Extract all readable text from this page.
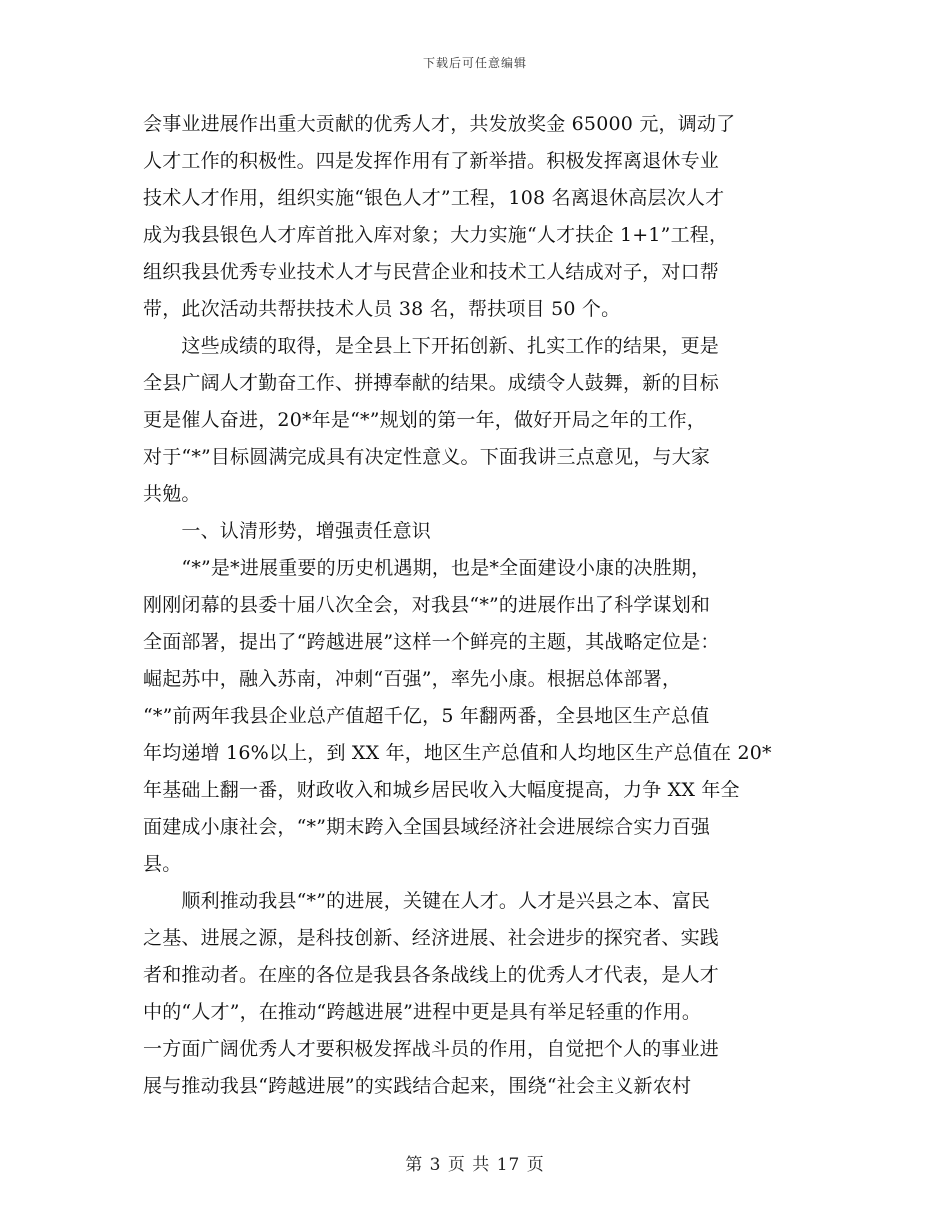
下载后可任意编辑
会事业进展作出重大贡献的优秀人才，共发放奖金 65000 元，调动了
人才工作的积极性。四是发挥作用有了新举措。积极发挥离退休专业
技术人才作用，组织实施“银色人才”工程，108 名离退休高层次人才
成为我县银色人才库首批入库对象；大力实施“人才扶企 1+1”工程，
组织我县优秀专业技术人才与民营企业和技术工人结成对子，对口帮
带，此次活动共帮扶技术人员 38 名，帮扶项目 50 个。
　　这些成绩的取得，是全县上下开拓创新、扎实工作的结果，更是
全县广阔人才勤奋工作、拼搏奉献的结果。成绩令人鼓舞，新的目标
更是催人奋进，20*年是“*”规划的第一年，做好开局之年的工作，
对于“*”目标圆满完成具有决定性意义。下面我讲三点意见，与大家
共勉。
　　一、认清形势，增强责任意识
　　“*”是*进展重要的历史机遇期，也是*全面建设小康的决胜期，
刚刚闭幕的县委十届八次全会，对我县“*”的进展作出了科学谋划和
全面部署，提出了“跨越进展”这样一个鲜亮的主题，其战略定位是：
崛起苏中，融入苏南，冲刺“百强”，率先小康。根据总体部署，
“*”前两年我县企业总产值超千亿，5 年翻两番，全县地区生产总值
年均递增 16%以上，到 XX 年，地区生产总值和人均地区生产总值在 20*
年基础上翻一番，财政收入和城乡居民收入大幅度提高，力争 XX 年全
面建成小康社会，“*”期末跨入全国县域经济社会进展综合实力百强
县。
　　顺利推动我县“*”的进展，关键在人才。人才是兴县之本、富民
之基、进展之源，是科技创新、经济进展、社会进步的探究者、实践
者和推动者。在座的各位是我县各条战线上的优秀人才代表，是人才
中的“人才”，在推动“跨越进展”进程中更是具有举足轻重的作用。
一方面广阔优秀人才要积极发挥战斗员的作用，自觉把个人的事业进
展与推动我县“跨越进展”的实践结合起来，围绕“社会主义新农村
第 3 页 共 17 页
